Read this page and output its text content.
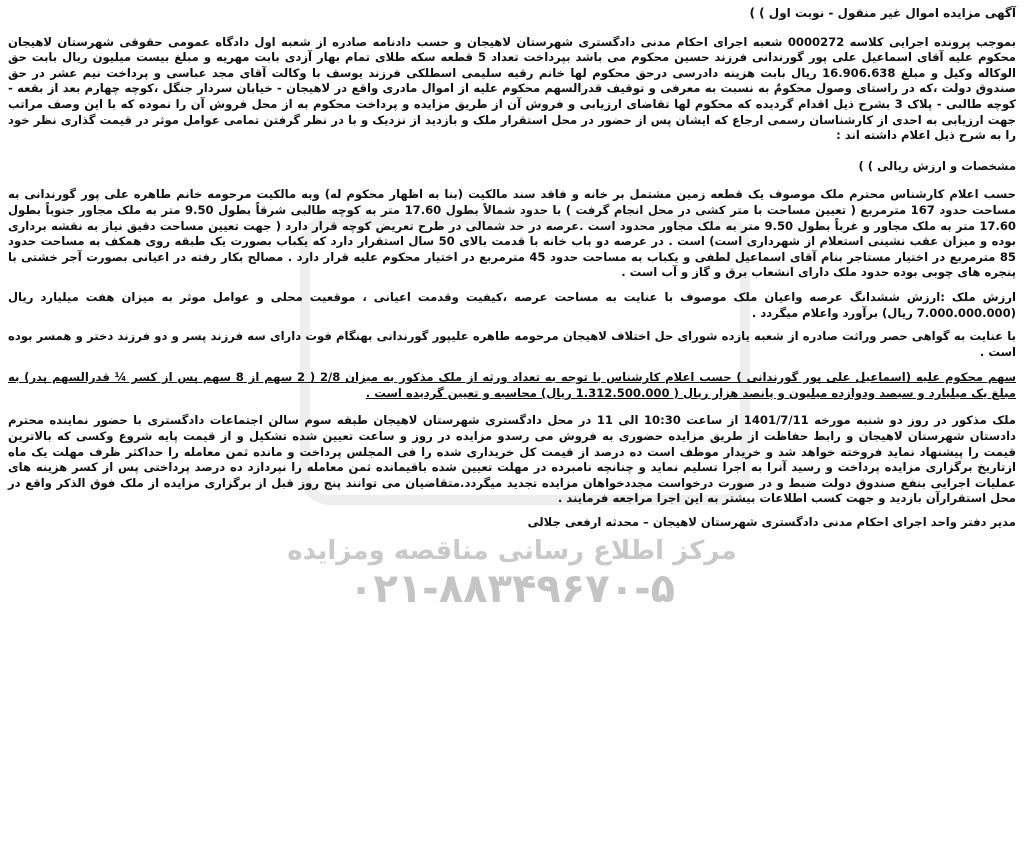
مرکز اطلاع رسانی مناقصه ومزایده
۰۲۱-۸۸۳۴۹۶۷۰-۵

آگهی مزایده اموال غیر منقول - نوبت اول ) )

بموجب پرونده اجرایی کلاسه 0000272 شعبه اجرای احکام مدنی دادگستری شهرستان لاهیجان و حسب دادنامه صادره از شعبه اول دادگاه عمومی حقوقی شهرستان لاهیجان محکوم علیه آقای اسماعیل علی پور گورندانی فرزند حسین محکوم می باشد بپرداخت تعداد 5 قطعه سکه طلای تمام بهار آزدی بابت مهریه و مبلغ بیست میلیون ریال بابت حق الوکاله وکیل و مبلغ 16.906.638 ریال بابت هزینه دادرسی درحق محکوم لها خانم رقیه سلیمی اسطلکی فرزند یوسف با وکالت آقای مجد عباسی و پرداخت نیم عشر در حق صندوق دولت ،که در راستای وصول محکومٌ به نسبت به معرفی و توقیف قدرالسهم محکوم علیه از اموال مادری واقع در لاهیجان - خیابان سردار جنگل ،کوچه چهارم بعد از بقعه - کوچه طالبی - پلاک 3 بشرح ذیل اقدام گردیده که محکوم لها تقاضای ارزیابی و فروش آن از طریق مزایده و پرداخت محکوم به از محل فروش آن را نموده که با این وصف مراتب جهت ارزیابی به احدی از کارشناسان رسمی ارجاع که ایشان پس از حضور در محل استقرار ملک و بازدید از نزدیک و با در نظر گرفتن تمامی عوامل موثر در قیمت گذاری نظر خود را به شرح ذیل اعلام داشته اند :

مشخصات و ارزش ریالی ) )

حسب اعلام کارشناس محترم ملک موصوف یک قطعه زمین مشتمل بر خانه و فاقد سند مالکیت (بنا به اظهار محکوم له) وبه مالکیت مرحومه خانم طاهره علی پور گورندانی به مساحت حدود 167 مترمربع ( تعیین مساحت با متر کشی در محل انجام گرفت ) با حدود شمالاً بطول 17.60 متر به کوچه طالبی شرقاً بطول 9.50 متر به ملک مجاور جنوباً بطول 17.60 متر به ملک مجاور و غرباً بطول 9.50 متر به ملک مجاور محدود است .عرصه در حد شمالی در طرح تعریض کوچه قرار دارد ( جهت تعیین مساحت دقیق نیاز به نقشه برداری بوده و میزان عقب نشینی استعلام از شهرداری است) است . در عرصه دو باب خانه با قدمت بالای 50 سال استقرار دارد که یکباب بصورت یک طبقه روی همکف به مساحت حدود 85 مترمربع در اختیار مستاجر بنام آقای اسماعیل لطفی و یکباب به مساحت حدود 45 مترمربع در اختیار محکوم علیه قرار دارد . مصالح بکار رفته در اعیانی بصورت آجر خشتی با پنجره های چوبی بوده حدود ملک دارای انشعاب برق و گاز و آب است .

ارزش ملک :ارزش ششدانگ عرصه واعیان ملک موصوف با عنایت به مساحت عرصه ،کیفیت وقدمت اعیانی ، موقعیت محلی و عوامل موثر به میزان هفت میلیارد ریال (7.000.000.000 ریال) برآورد واعلام میگردد .

با عنایت به گواهی حصر وراثت صادره از شعبه یازده شورای حل اختلاف لاهیجان مرحومه طاهره علیپور گورندانی بهنگام فوت دارای سه فرزند پسر و دو فرزند دختر و همسر بوده است .

سهم محکوم علیه (اسماعیل علی پور گورندانی ) حسب اعلام کارشناس با توجه به تعداد ورثه از ملک مذکور به میزان 2/8 ( 2 سهم از 8 سهم پس از کسر ¼ قدرالسهم پدر) به مبلغ یک میلیارد و سیصد ودوازده میلیون و پانصد هزار ریال ( 1.312.500.000 ریال) محاسبه و تعیین گردیده است .

ملک مذکور در روز دو شنبه مورخه 1401/7/11 از ساعت 10:30 الی 11 در محل دادگستری شهرستان لاهیجان طبقه سوم سالن اجتماعات دادگستری با حضور نماینده محترم دادستان شهرستان لاهیجان و رابط حفاظت از طریق مزایده حضوری به فروش می رسدو مزایده در روز و ساعت تعیین شده تشکیل و از قیمت پایه شروع وکسی که بالاترین قیمت را پیشنهاد نماید فروخته خواهد شد و خریدار موظف است ده درصد از قیمت کل خریداری شده را فی المجلس پرداخت و مانده ثمن معامله را حداکثر ظرف مهلت یک ماه ازتاریخ برگزاری مزایده پرداخت و رسید آنرا به اجرا تسلیم نماید و چنانچه نامبرده در مهلت تعیین شده باقیمانده ثمن معامله را نپردازد ده درصد پرداختی پس از کسر هزینه های عملیات اجرایی بنفع صندوق دولت ضبط و در صورت درخواست مجددخواهان مزایده تجدید میگردد.متقاضیان می توانند پنج روز قبل از برگزاری مزایده از ملک فوق الذکر واقع در محل استقرارآن بازدید و جهت کسب اطلاعات بیشتر به این اجرا مراجعه فرمایند .

مدیر دفتر واحد اجرای احکام مدنی دادگستری شهرستان لاهیجان – محدثه ارفعی جلالی
